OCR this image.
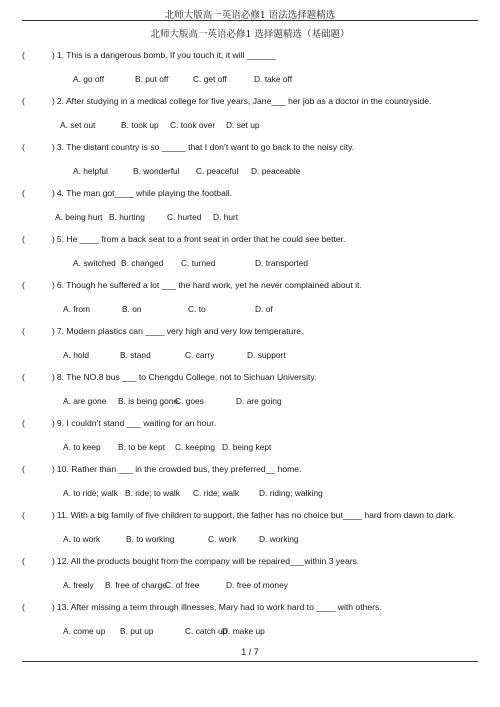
北师大版高一英语必修1 语法选择题精选
北师大版高一英语必修1 选择题精选（基础题）
(	) 1. This is a dangerous bomb. If you touch it, it will ______
A. go off	B. put off	C. get off	D. take off
(	) 2. After studying in a medical college for five years, Jane___ her job as a doctor in the countryside.
A. set out	B. took up C. took over D. set up
(	) 3. The distant country is so _____ that I don’t want to go back to the noisy city.
A. helpful	B. wonderful C. peaceful D. peaceable
(	) 4. The man got____ while playing the football.
A. being hurt B. hurting	C. hurted D. hurt
(	) 5. He ____ from a back seat to a front seat in order that he could see better.
A. switched B. changed C. turned	D. transported
(	) 6. Though he suffered a lot ___ the hard work, yet he never complained about it.
A. from	B. on	C. to	D. of
(	) 7. Modern plastics can ____ very high and very low temperature.
A. hold	B. stand	C. carry	D. support
(	) 8. The NO.8 bus ___ to Chengdu College, not to Sichuan University.
A. are gone B. is being gone
C. goes	D. are going
(	) 9. I couldn’t stand ___ waiting for an hour.
A. to keep B. to be kept C. keeping D. being kept
(	) 10. Rather than ___ in the crowded bus, they preferred__ home.
A. to ride; walk B. ride; to walk C. ride; walk D. riding; walking
(	) 11. With a big family of five children to support, the father has no choice but____ hard from dawn to dark.
A. to work	B. to working	C. work	D. working
(	) 12. All the products bought from the company will be repaired___within 3 years.
A. freely B. free of charge
C. of free	D. free of money
(	) 13. After missing a term through illnesses, Mary had to work hard to ____ with others.
A. come up B. put up	C. catch up
D. make up
1 / 7
